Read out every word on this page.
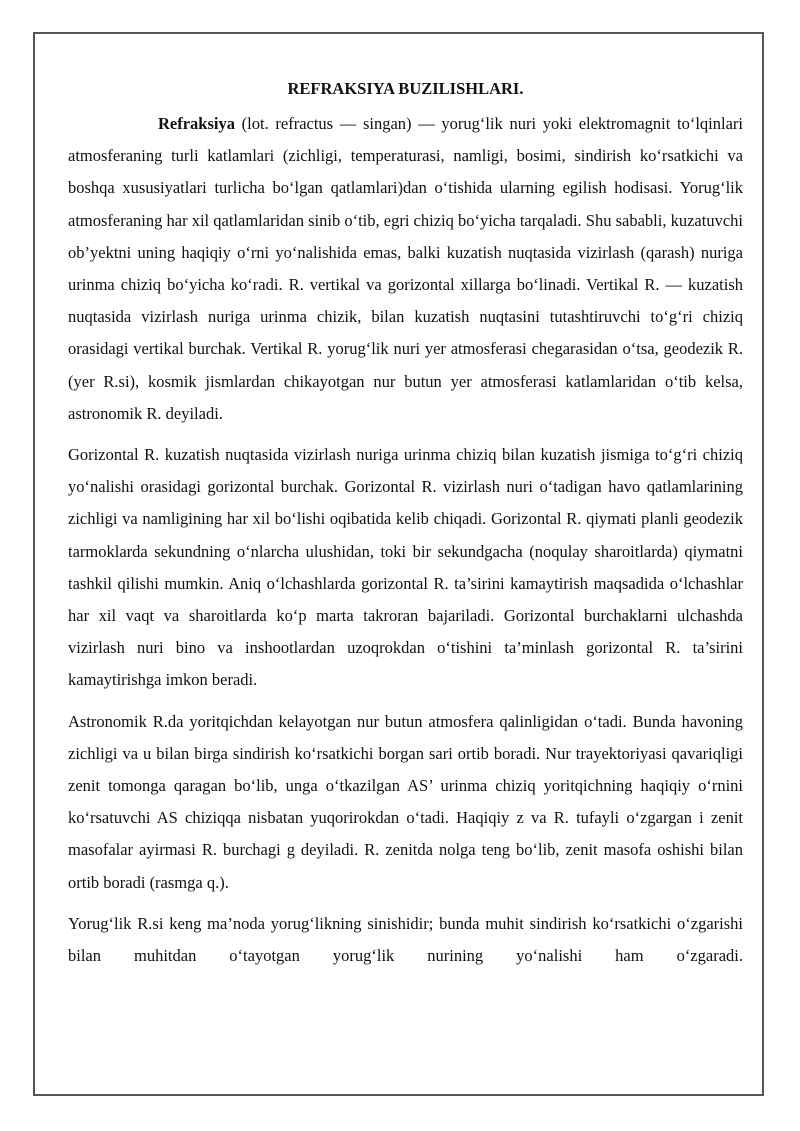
REFRAKSIYA BUZILISHLARI.

Refraksiya (lot. refractus — singan) — yorug‘lik nuri yoki elektromagnit to‘lqinlari atmosferaning turli katlamlari (zichligi, temperaturasi, namligi, bosimi, sindirish ko‘rsatkichi va boshqa xususiyatlari turlicha bo‘lgan qatlamlari)dan o‘tishida ularning egilish hodisasi. Yorug‘lik atmosferaning har xil qatlamlaridan sinib o‘tib, egri chiziq bo‘yicha tarqaladi. Shu sababli, kuzatuvchi ob’yektni uning haqiqiy o‘rni yo‘nalishida emas, balki kuzatish nuqtasida vizirlash (qarash) nuriga urinma chiziq bo‘yicha ko‘radi. R. vertikal va gorizontal xillarga bo‘linadi. Vertikal R. — kuzatish nuqtasida vizirlash nuriga urinma chizik, bilan kuzatish nuqtasini tutashtiruvchi to‘g‘ri chiziq orasidagi vertikal burchak. Vertikal R. yorug‘lik nuri yer atmosferasi chegarasidan o‘tsa, geodezik R. (yer R.si), kosmik jismlardan chikayotgan nur butun yer atmosferasi katlamlaridan o‘tib kelsa, astronomik R. deyiladi.

Gorizontal R. kuzatish nuqtasida vizirlash nuriga urinma chiziq bilan kuzatish jismiga to‘g‘ri chiziq yo‘nalishi orasidagi gorizontal burchak. Gorizontal R. vizirlash nuri o‘tadigan havo qatlamlarining zichligi va namligining har xil bo‘lishi oqibatida kelib chiqadi. Gorizontal R. qiymati planli geodezik tarmoklarda sekundning o‘nlarcha ulushidan, toki bir sekundgacha (noqulay sharoitlarda) qiymatni tashkil qilishi mumkin. Aniq o‘lchashlarda gorizontal R. ta’sirini kamaytirish maqsadida o‘lchashlar har xil vaqt va sharoitlarda ko‘p marta takroran bajariladi. Gorizontal burchaklarni ulchashda vizirlash nuri bino va inshootlardan uzoqrokdan o‘tishini ta’minlash gorizontal R. ta’sirini kamaytirishga imkon beradi.

Astronomik R.da yoritqichdan kelayotgan nur butun atmosfera qalinligidan o‘tadi. Bunda havoning zichligi va u bilan birga sindirish ko‘rsatkichi borgan sari ortib boradi. Nur trayektoriyasi qavariqligi zenit tomonga qaragan bo‘lib, unga o‘tkazilgan AS’ urinma chiziq yoritqichning haqiqiy o‘rnini ko‘rsatuvchi AS chiziqqa nisbatan yuqorirokdan o‘tadi. Haqiqiy z va R. tufayli o‘zgargan i zenit masofalar ayirmasi R. burchagi g deyiladi. R. zenitda nolga teng bo‘lib, zenit masofa oshishi bilan ortib boradi (rasmga q.).

Yorug‘lik R.si keng ma’noda yorug‘likning sinishidir; bunda muhit sindirish ko‘rsatkichi o‘zgarishi bilan muhitdan o‘tayotgan yorug‘lik nurining yo‘nalishi ham o‘zgaradi.
